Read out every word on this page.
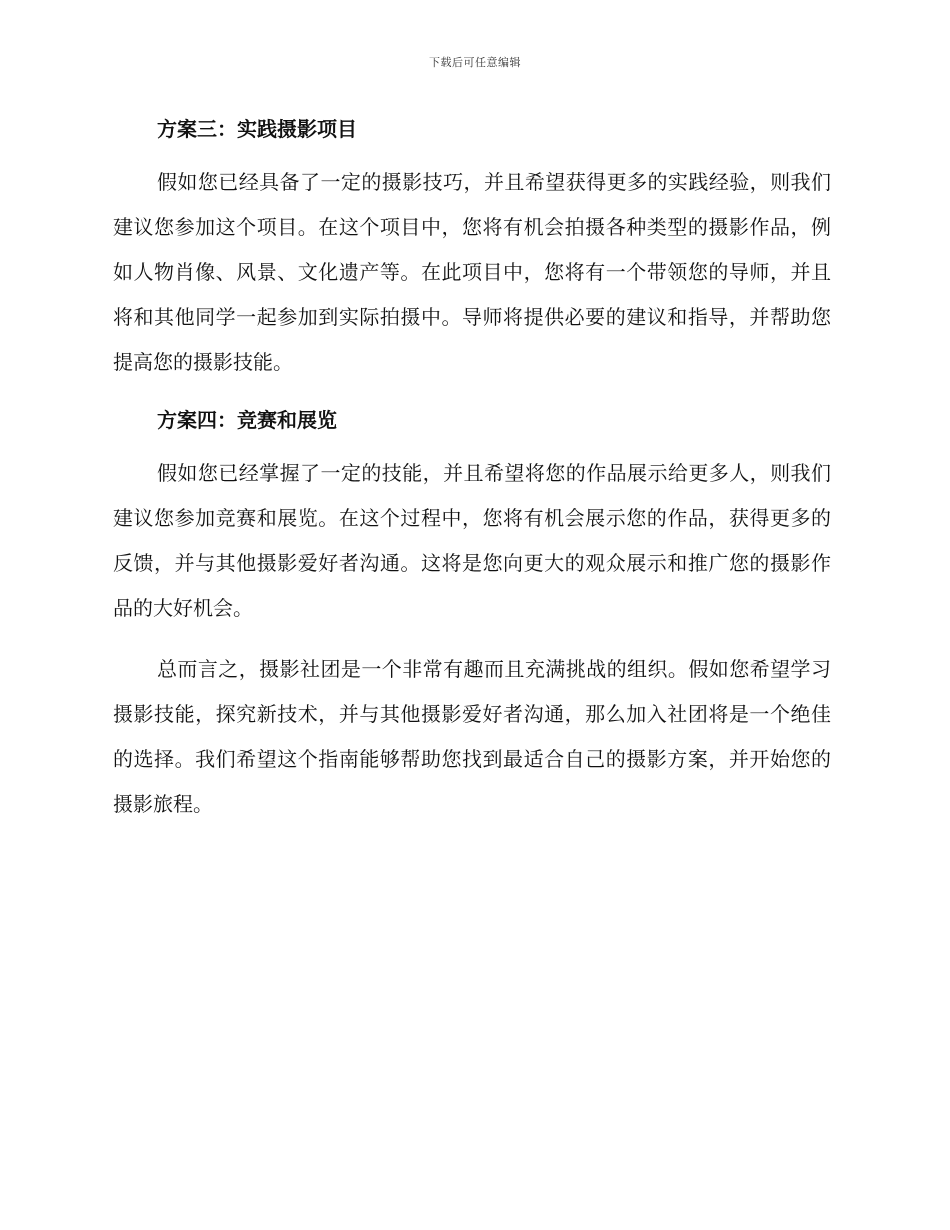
下载后可任意编辑
方案三：实践摄影项目

假如您已经具备了一定的摄影技巧，并且希望获得更多的实践经验，则我们建议您参加这个项目。在这个项目中，您将有机会拍摄各种类型的摄影作品，例如人物肖像、风景、文化遗产等。在此项目中，您将有一个带领您的导师，并且将和其他同学一起参加到实际拍摄中。导师将提供必要的建议和指导，并帮助您提高您的摄影技能。

方案四：竞赛和展览

假如您已经掌握了一定的技能，并且希望将您的作品展示给更多人，则我们建议您参加竞赛和展览。在这个过程中，您将有机会展示您的作品，获得更多的反馈，并与其他摄影爱好者沟通。这将是您向更大的观众展示和推广您的摄影作品的大好机会。

总而言之，摄影社团是一个非常有趣而且充满挑战的组织。假如您希望学习摄影技能，探究新技术，并与其他摄影爱好者沟通，那么加入社团将是一个绝佳的选择。我们希望这个指南能够帮助您找到最适合自己的摄影方案，并开始您的摄影旅程。
